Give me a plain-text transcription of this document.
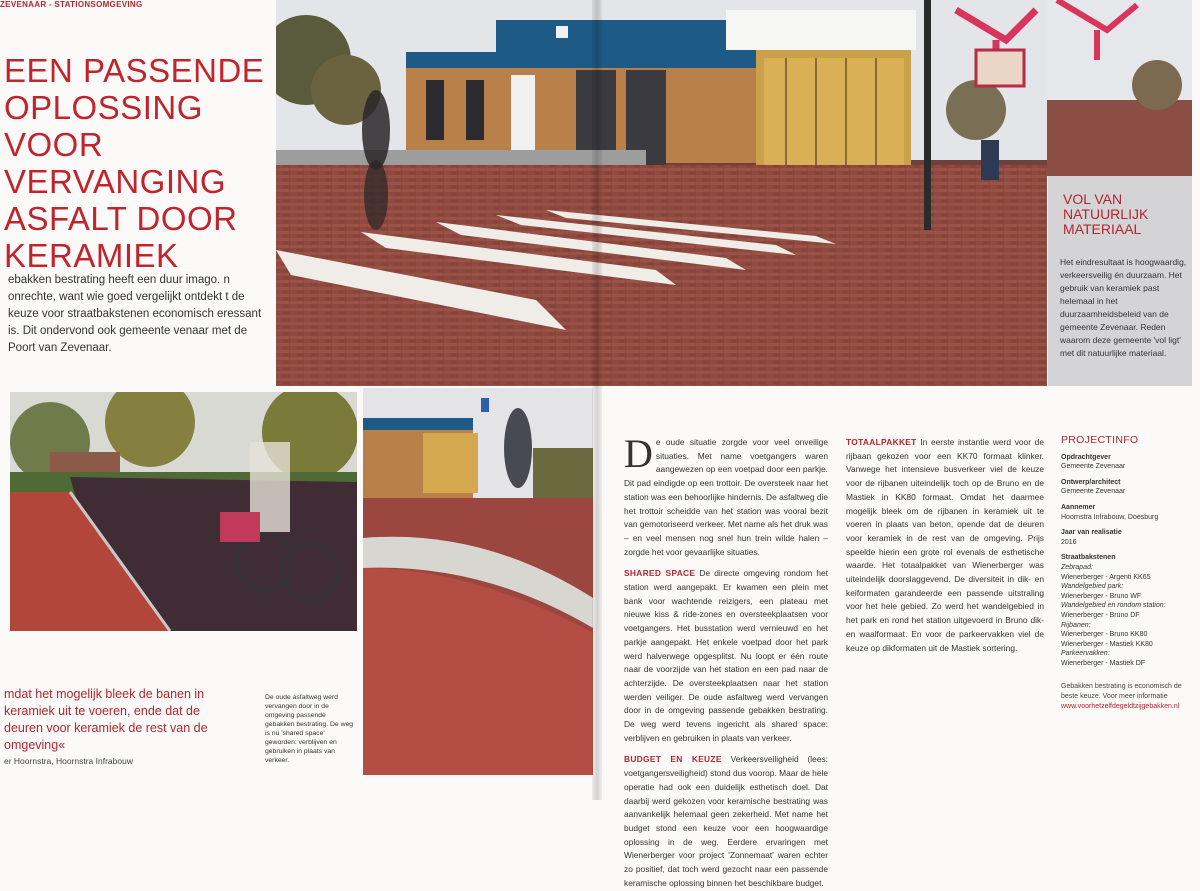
ZEVENAAR - STATIONSOMGEVING
EEN PASSENDE OPLOSSING VOOR VERVANGING ASFALT DOOR KERAMIEK

ebakken bestrating heeft een duur imago. n onrechte, want wie goed vergelijkt ontdekt t de keuze voor straatbakstenen economisch eressant is. Dit ondervond ook gemeente venaar met de Poort van Zevenaar.

VOL VAN NATUURLIJK MATERIAAL

Het eindresultaat is hoogwaardig, verkeersveilig én duurzaam. Het gebruik van keramiek past helemaal in het duurzaamheidsbeleid van de gemeente Zevenaar. Reden waarom deze gemeente 'vol ligt' met dit natuurlijke materiaal.

mdat het mogelijk bleek de banen in keramiek uit te voeren, ende dat de deuren voor keramiek de rest van de omgeving«

er Hoornstra, Hoornstra Infrabouw
De oude asfaltweg werd vervangen door in de omgeving passende gebakken bestrating. De weg is nu 'shared space' geworden: verblijven en gebruiken in plaats van verkeer.

De oude situatie zorgde voor veel onveilige situaties. Met name voetgangers waren aangewezen op een voetpad door een parkje. Dit pad eindigde op een trottoir. De oversteek naar het station was een behoorlijke hindernis. De asfaltweg die het trottoir scheidde van het station was vooral bezit van gemotoriseerd verkeer. Met name als het druk was – en veel mensen nog snel hun trein wilde halen – zorgde het voor gevaarlijke situaties.

SHARED SPACE De directe omgeving rondom het station werd aangepakt. Er kwamen een plein met bank voor wachtende reizigers, een plateau met nieuwe kiss & ride-zones en oversteekplaatsen voor voetgangers. Het busstation werd vernieuwd en het parkje aangepakt. Het enkele voetpad door het park werd halverwege opgesplitst. Nu loopt er één route naar de voorzijde van het station en een pad naar de achterzijde. De oversteekplaatsen naar het station werden veiliger. De oude asfaltweg werd vervangen door in de omgeving passende gebakken bestrating. De weg werd tevens ingericht als shared space: verblijven en gebruiken in plaats van verkeer.

BUDGET EN KEUZE Verkeersveiligheid (lees: voetgangersveiligheid) stond dus voorop. Maar de hele operatie had ook een duidelijk esthetisch doel. Dat daarbij werd gekozen voor keramische bestrating was aanvankelijk helemaal geen zekerheid. Met name het budget stond een keuze voor een hoogwaardige oplossing in de weg. Eerdere ervaringen met Wienerberger voor project 'Zonnemaat' waren echter zo positief, dat toch werd gezocht naar een passende keramische oplossing binnen het beschikbare budget.

TOTAALPAKKET In eerste instantie werd voor de rijbaan gekozen voor een KK70 formaat klinker. Vanwege het intensieve busverkeer viel de keuze voor de rijbanen uiteindelijk toch op de Bruno en de Mastiek in KK80 formaat. Omdat het daarmee mogelijk bleek om de rijbanen in keramiek uit te voeren in plaats van beton, opende dat de deuren voor keramiek in de rest van de omgeving. Prijs speelde hierin een grote rol evenals de esthetische waarde. Het totaalpakket van Wienerberger was uiteindelijk doorslaggevend. De diversiteit in dik- en keiformaten garandeerde een passende uitstraling voor het hele gebied. Zo werd het wandelgebied in het park en rond het station uitgevoerd in Bruno dik- en waalformaat. En voor de parkeervakken viel de keuze op dikformaten uit de Mastiek sortering.

PROJECTINFO
Opdrachtgever
Gemeente Zevenaar
Ontwerp/architect
Gemeente Zevenaar
Aannemer
Hoornstra Infrabouw, Doesburg
Jaar van realisatie
2016
Straatbakstenen
Zebrapad:
Wienerberger - Argenti KK65
Wandelgebied park:
Wienerberger - Bruno WF
Wandelgebied en rondom station:
Wienerberger - Bruno DF
Rijbanen:
Wienerberger - Bruno KK80
Wienerberger - Mastiek KK80
Parkeervakken:
Wienerberger - Mastiek DF
Gebakken bestrating is economisch de beste keuze. Voor meer informatie www.voorhetzelfdegeldtzijgebakken.nl
